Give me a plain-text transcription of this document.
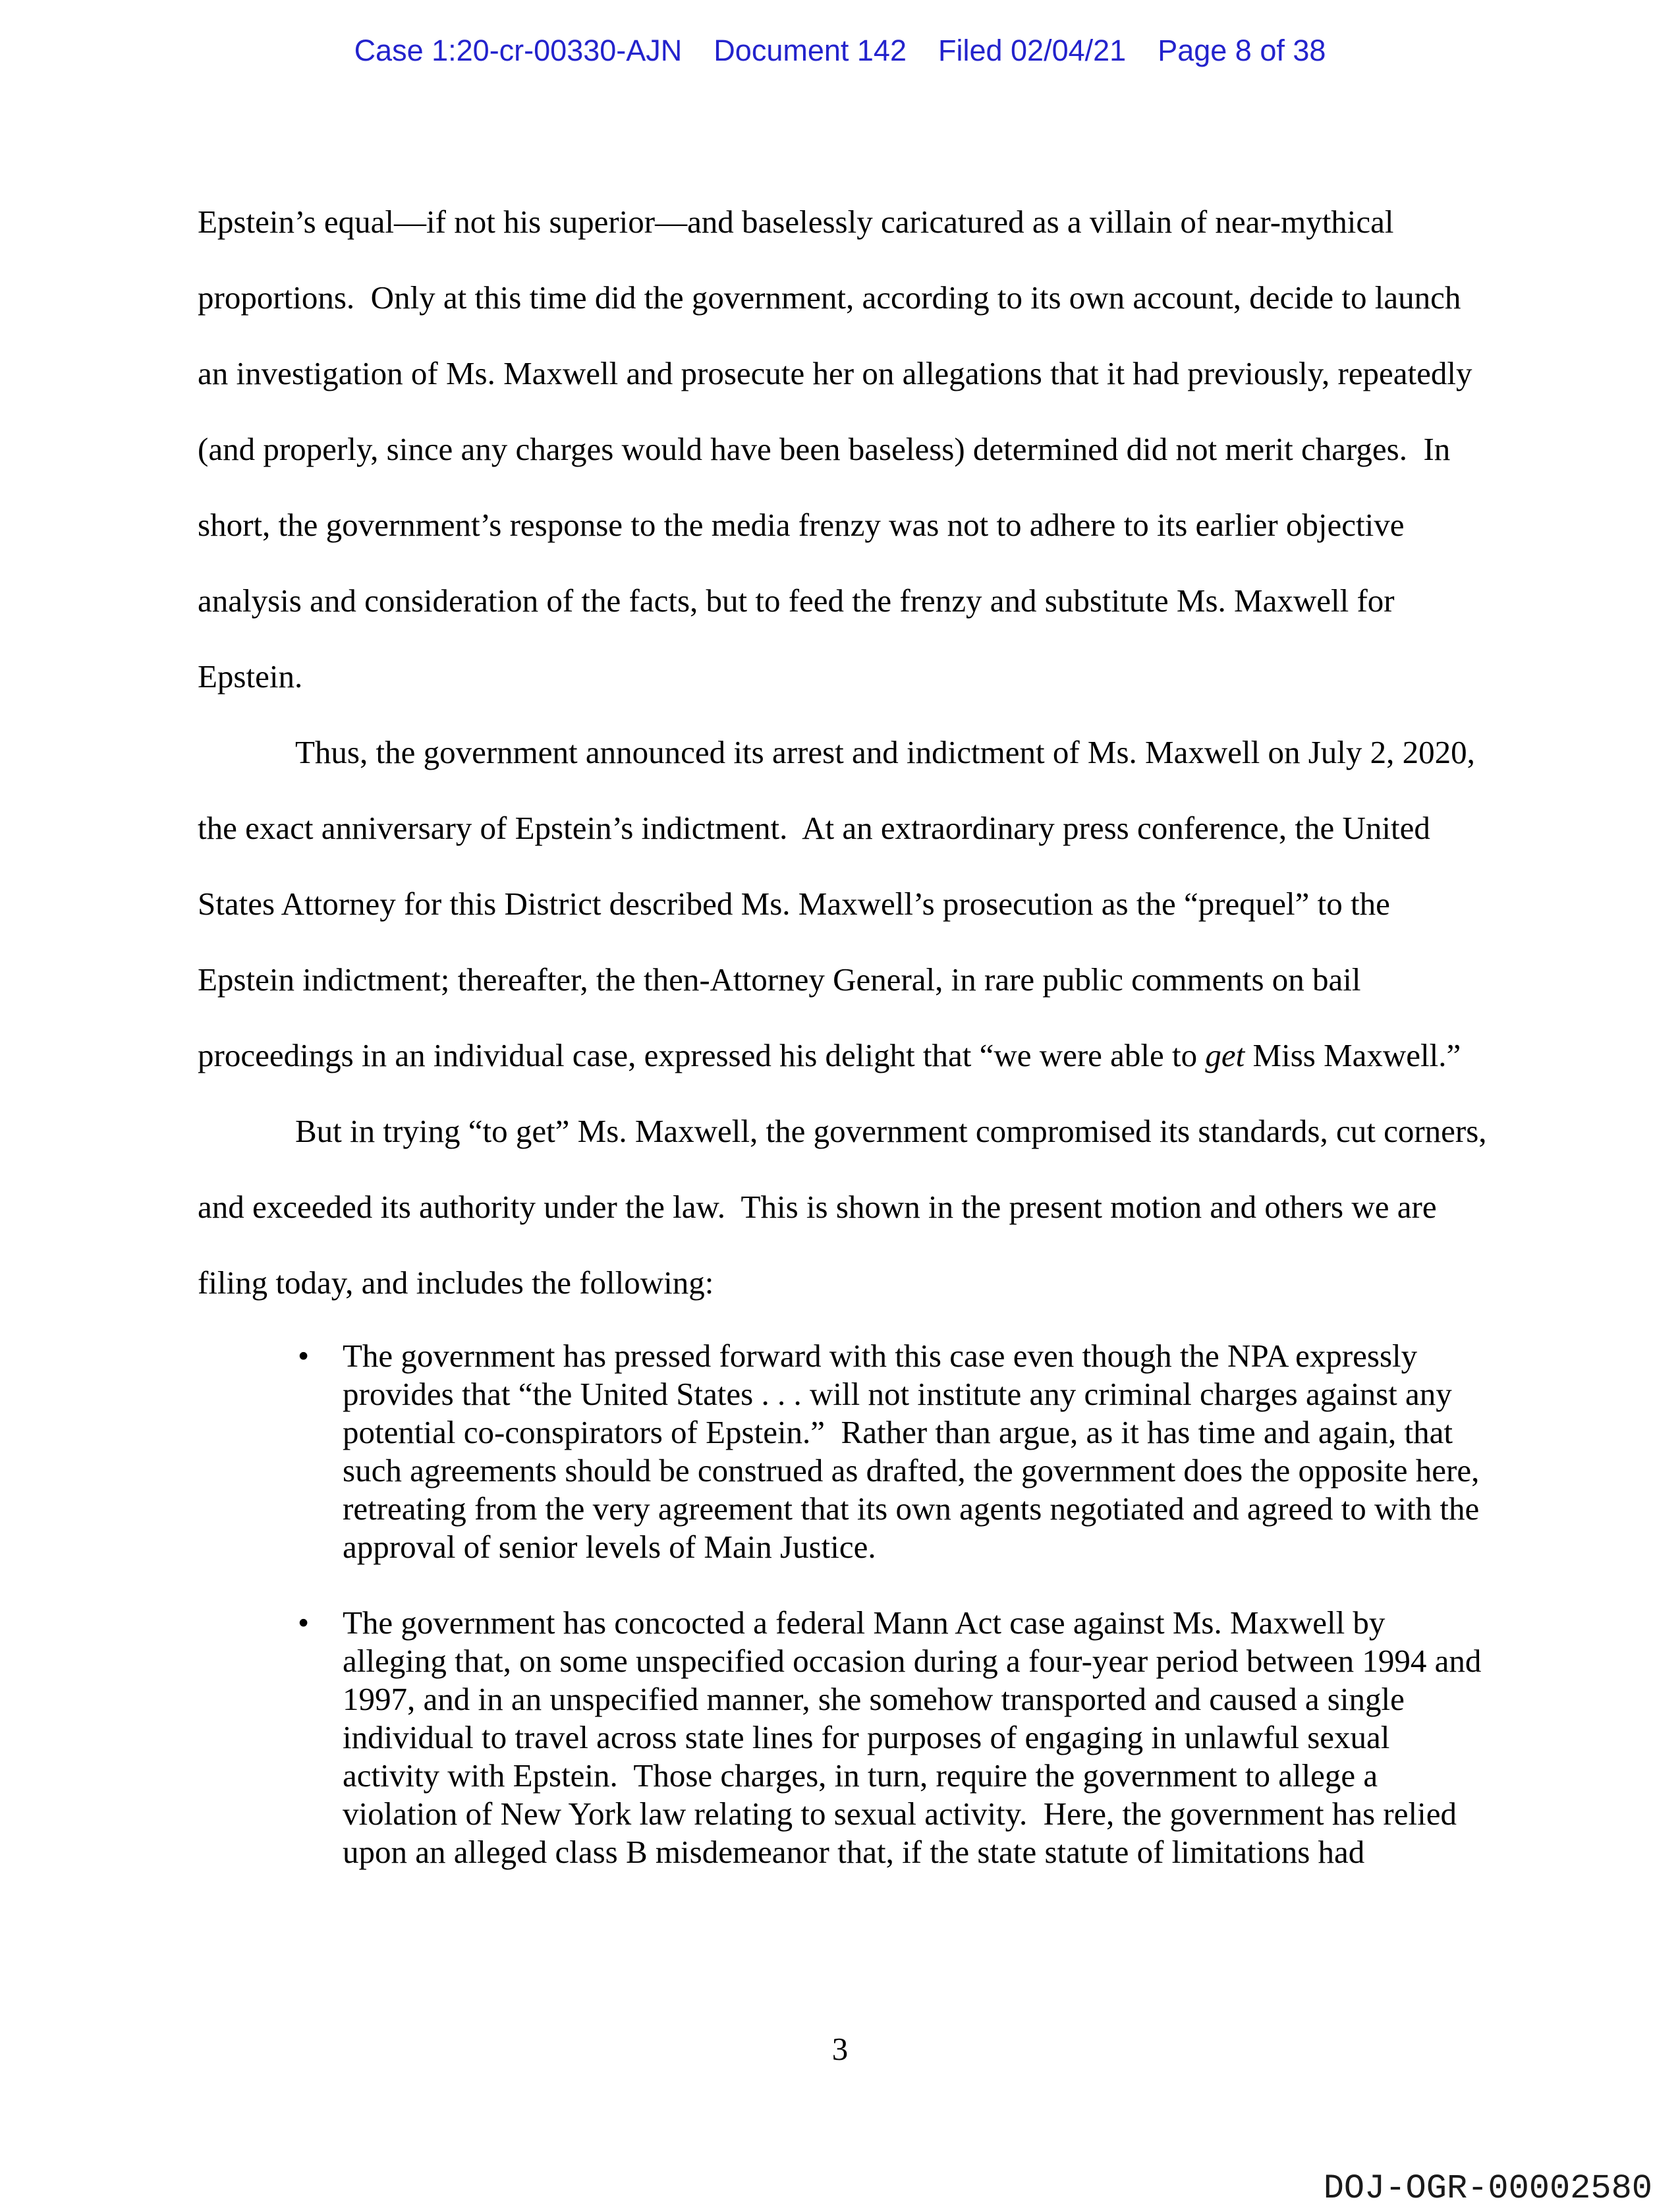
Case 1:20-cr-00330-AJN Document 142 Filed 02/04/21 Page 8 of 38

Epstein’s equal—if not his superior—and baselessly caricatured as a villain of near-mythical proportions.  Only at this time did the government, according to its own account, decide to launch an investigation of Ms. Maxwell and prosecute her on allegations that it had previously, repeatedly (and properly, since any charges would have been baseless) determined did not merit charges.  In short, the government’s response to the media frenzy was not to adhere to its earlier objective analysis and consideration of the facts, but to feed the frenzy and substitute Ms. Maxwell for Epstein.

Thus, the government announced its arrest and indictment of Ms. Maxwell on July 2, 2020, the exact anniversary of Epstein’s indictment.  At an extraordinary press conference, the United States Attorney for this District described Ms. Maxwell’s prosecution as the “prequel” to the Epstein indictment; thereafter, the then-Attorney General, in rare public comments on bail proceedings in an individual case, expressed his delight that “we were able to get Miss Maxwell.”

But in trying “to get” Ms. Maxwell, the government compromised its standards, cut corners, and exceeded its authority under the law.  This is shown in the present motion and others we are filing today, and includes the following:

•	The government has pressed forward with this case even though the NPA expressly provides that “the United States . . . will not institute any criminal charges against any potential co-conspirators of Epstein.”  Rather than argue, as it has time and again, that such agreements should be construed as drafted, the government does the opposite here, retreating from the very agreement that its own agents negotiated and agreed to with the approval of senior levels of Main Justice.
•	The government has concocted a federal Mann Act case against Ms. Maxwell by alleging that, on some unspecified occasion during a four-year period between 1994 and 1997, and in an unspecified manner, she somehow transported and caused a single individual to travel across state lines for purposes of engaging in unlawful sexual activity with Epstein.  Those charges, in turn, require the government to allege a violation of New York law relating to sexual activity.  Here, the government has relied upon an alleged class B misdemeanor that, if the state statute of limitations had
3
DOJ-OGR-00002580
